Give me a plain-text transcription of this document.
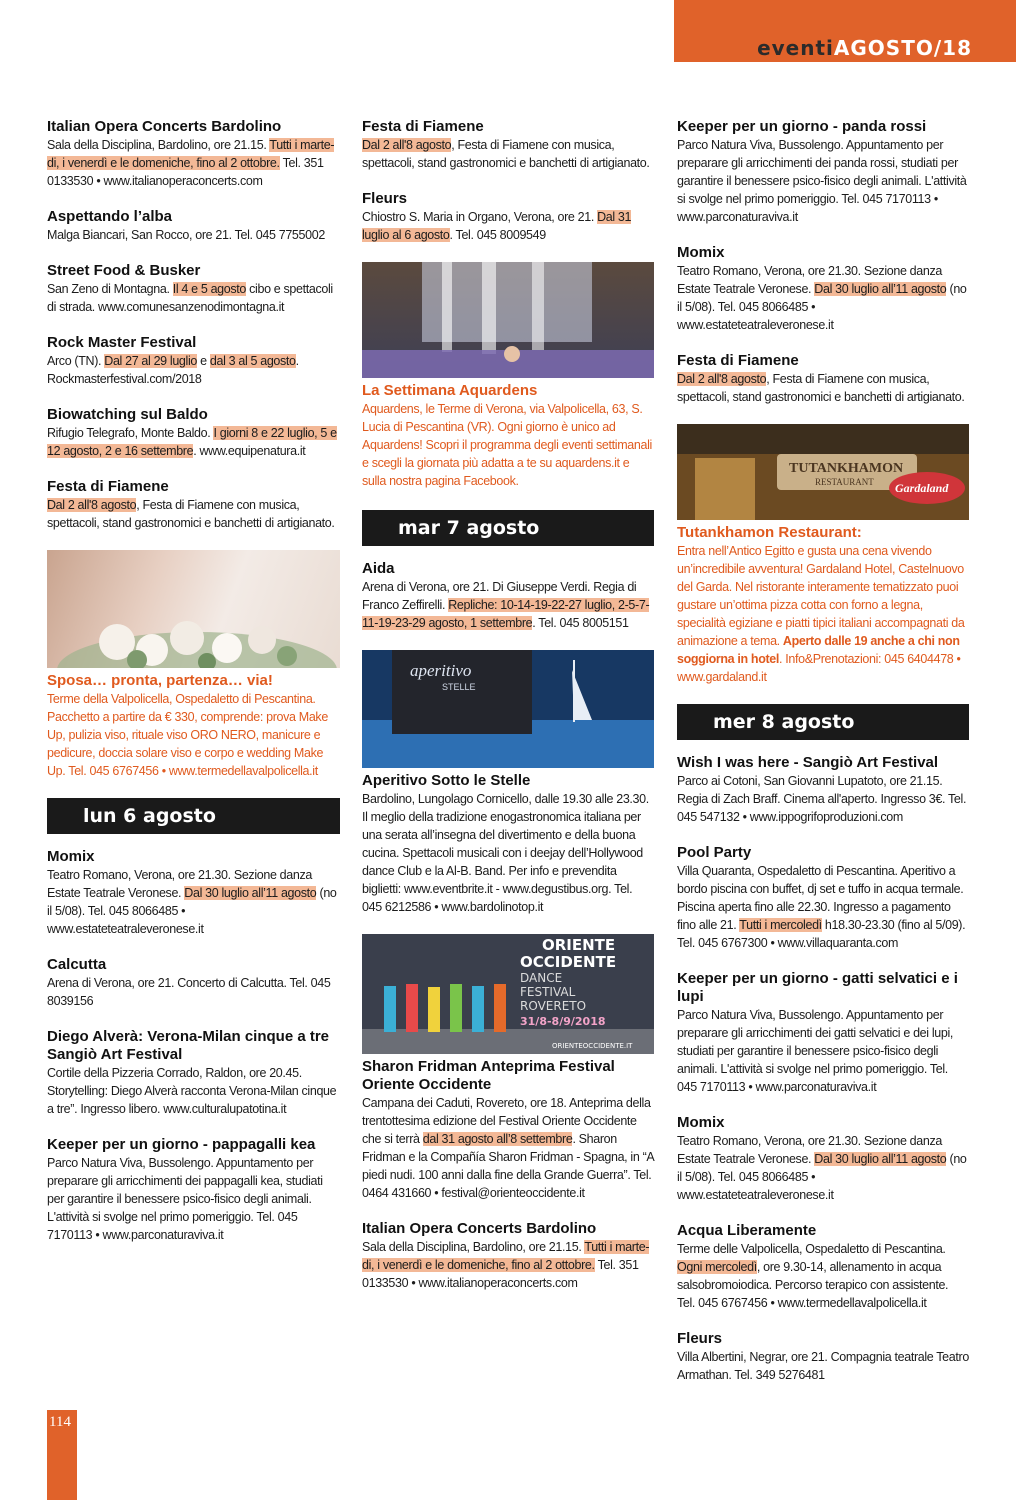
eventiAGOSTO/18
Italian Opera Concerts Bardolino
Sala della Disciplina, Bardolino, ore 21.15. Tutti i marte-di, i venerdì e le domeniche, fino al 2 ottobre. Tel. 351 0133530 • www.italianoperaconcerts.com
Aspettando l’alba
Malga Biancari, San Rocco, ore 21. Tel. 045 7755002
Street Food & Busker
San Zeno di Montagna. Il 4 e 5 agosto cibo e spettacoli di strada. www.comunesanzenodimontagna.it
Rock Master Festival
Arco (TN). Dal 27 al 29 luglio e dal 3 al 5 agosto. Rockmasterfestival.com/2018
Biowatching sul Baldo
Rifugio Telegrafo, Monte Baldo. I giorni 8 e 22 luglio, 5 e 12 agosto, 2 e 16 settembre. www.equipenatura.it
Festa di Fiamene
Dal 2 all'8 agosto, Festa di Fiamene con musica, spettacoli, stand gastronomici e banchetti di artigianato.
Sposa… pronta, partenza… via!
Terme della Valpolicella, Ospedaletto di Pescantina. Pacchetto a partire da € 330, comprende: prova Make Up, pulizia viso, rituale viso ORO NERO, manicure e pedicure, doccia solare viso e corpo e wedding Make Up. Tel. 045 6767456 • www.termedellavalpolicella.it
lun 6 agosto
Momix
Teatro Romano, Verona, ore 21.30. Sezione danza Estate Teatrale Veronese. Dal 30 luglio all’11 agosto (no il 5/08). Tel. 045 8066485 • www.estateteatraleveronese.it
Calcutta
Arena di Verona, ore 21. Concerto di Calcutta. Tel. 045 8039156
Diego Alverà: Verona-Milan cinque a tre Sangiò Art Festival
Cortile della Pizzeria Corrado, Raldon, ore 20.45. Storytelling: Diego Alverà racconta Verona-Milan cinque a tre”. Ingresso libero. www.culturalupatotina.it
Keeper per un giorno - pappagalli kea
Parco Natura Viva, Bussolengo. Appuntamento per preparare gli arricchimenti dei pappagalli kea, studiati per garantire il benessere psico-fisico degli animali. L'attività si svolge nel primo pomeriggio. Tel. 045 7170113 • www.parconaturaviva.it
Festa di Fiamene
Dal 2 all'8 agosto, Festa di Fiamene con musica, spettacoli, stand gastronomici e banchetti di artigianato.
Fleurs
Chiostro S. Maria in Organo, Verona, ore 21. Dal 31 luglio al 6 agosto. Tel. 045 8009549
La Settimana Aquardens
Aquardens, le Terme di Verona, via Valpolicella, 63, S. Lucia di Pescantina (VR). Ogni giorno è unico ad Aquardens! Scopri il programma degli eventi settimanali e scegli la giornata più adatta a te su aquardens.it e sulla nostra pagina Facebook.
mar 7 agosto
Aida
Arena di Verona, ore 21. Di Giuseppe Verdi. Regia di Franco Zeffirelli. Repliche: 10-14-19-22-27 luglio, 2-5-7-11-19-23-29 agosto, 1 settembre. Tel. 045 8005151
aperitivo
STELLE
Aperitivo Sotto le Stelle
Bardolino, Lungolago Cornicello, dalle 19.30 alle 23.30. Il meglio della tradizione enogastronomica italiana per una serata all’insegna del divertimento e della buona cucina. Spettacoli musicali con i deejay dell’Hollywood dance Club e la Al-B. Band. Per info e prevendita biglietti: www.eventbrite.it - www.degustibus.org. Tel. 045 6212586 • www.bardolinotop.it
ORIENTE
OCCIDENTE
DANCE
FESTIVAL
ROVERETO
31/8-8/9/2018
ORIENTEOCCIDENTE.IT
Sharon Fridman Anteprima Festival Oriente Occidente
Campana dei Caduti, Rovereto, ore 18. Anteprima della trentottesima edizione del Festival Oriente Occidente che si terrà dal 31 agosto all’8 settembre. Sharon Fridman e la Compañía Sharon Fridman - Spagna, in “A piedi nudi. 100 anni dalla fine della Grande Guerra”. Tel. 0464 431660 • festival@orienteoccidente.it
Italian Opera Concerts Bardolino
Sala della Disciplina, Bardolino, ore 21.15. Tutti i marte-di, i venerdì e le domeniche, fino al 2 ottobre. Tel. 351 0133530 • www.italianoperaconcerts.com
Keeper per un giorno - panda rossi
Parco Natura Viva, Bussolengo. Appuntamento per preparare gli arricchimenti dei panda rossi, studiati per garantire il benessere psico-fisico degli animali. L'attività si svolge nel primo pomeriggio. Tel. 045 7170113 • www.parconaturaviva.it
Momix
Teatro Romano, Verona, ore 21.30. Sezione danza Estate Teatrale Veronese. Dal 30 luglio all’11 agosto (no il 5/08). Tel. 045 8066485 • www.estateteatraleveronese.it
Festa di Fiamene
Dal 2 all'8 agosto, Festa di Fiamene con musica, spettacoli, stand gastronomici e banchetti di artigianato.
TUTANKHAMON
RESTAURANT Gardaland
Tutankhamon Restaurant:
Entra nell’Antico Egitto e gusta una cena vivendo un’incredibile avventura! Gardaland Hotel, Castelnuovo del Garda. Nel ristorante interamente tematizzato puoi gustare un’ottima pizza cotta con forno a legna, specialità egiziane e piatti tipici italiani accompagnati da animazione a tema. Aperto dalle 19 anche a chi non soggiorna in hotel. Info&Prenotazioni: 045 6404478 • www.gardaland.it
mer 8 agosto
Wish I was here - Sangiò Art Festival
Parco ai Cotoni, San Giovanni Lupatoto, ore 21.15. Regia di Zach Braff. Cinema all'aperto. Ingresso 3€. Tel. 045 547132 • www.ippogrifoproduzioni.com
Pool Party
Villa Quaranta, Ospedaletto di Pescantina. Aperitivo a bordo piscina con buffet, dj set e tuffo in acqua termale. Piscina aperta fino alle 22.30. Ingresso a pagamento fino alle 21. Tutti i mercoledì h18.30-23.30 (fino al 5/09). Tel. 045 6767300 • www.villaquaranta.com
Keeper per un giorno - gatti selvatici e i lupi
Parco Natura Viva, Bussolengo. Appuntamento per preparare gli arricchimenti dei gatti selvatici e dei lupi, studiati per garantire il benessere psico-fisico degli animali. L'attività si svolge nel primo pomeriggio. Tel. 045 7170113 • www.parconaturaviva.it
Momix
Teatro Romano, Verona, ore 21.30. Sezione danza Estate Teatrale Veronese. Dal 30 luglio all’11 agosto (no il 5/08). Tel. 045 8066485 • www.estateteatraleveronese.it
Acqua Liberamente
Terme delle Valpolicella, Ospedaletto di Pescantina. Ogni mercoledì, ore 9.30-14, allenamento in acqua salsobromoiodica. Percorso terapico con assistente. Tel. 045 6767456 • www.termedellavalpolicella.it
Fleurs
Villa Albertini, Negrar, ore 21. Compagnia teatrale Teatro Armathan. Tel. 349 5276481
114
